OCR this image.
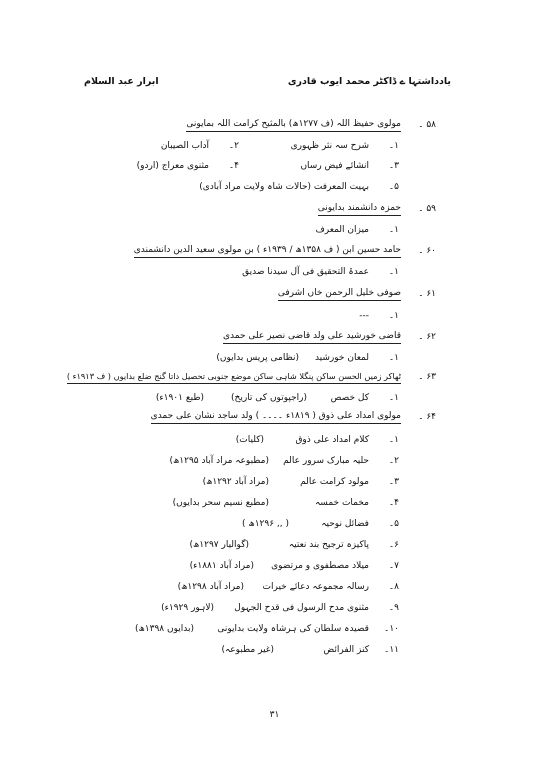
یادداشتہا ے ڈاکٹر محمد ایوب قادری
ابرار عبد السلام
۵۸ ۔
مولوی حفیظ اللہ (ف ۱۲۷۷ھ) بالمثیح کرامت اللہ بمایونی
۱۔
شرح سہ نثر ظہوری
۲۔
آداب الصیبان
۳۔
انشائے فیض رساں
۴۔
مثنوی معراج (اردو)
۵۔
بہیت المعرفت (حالات شاہ ولایت مراد آبادی)
۵۹ ۔
حمزہ دانشمند بدایونی
۱۔
میزان المعرف
۶۰ ۔
حامد حسین ابن ( ف ۱۳۵۸ھ / ۱۹۳۹ء ) بن مولوی سعید الدین دانشمندی
۱۔
عمدۃ التحقیق فی آل سیدنا صدیق
۶۱ ۔
صوفی خلیل الرحمن خاں اشرفی
۱۔
---
۶۲ ۔
قاضی خورشید علی ولد قاضی نصیر علی حمدی
۱۔
لمعان خورشید
(نظامی پریس بدایوں)
۶۳ ۔
ٹھاکر زمیں الحسن ساکن پنگلا شاہی ساکن موضع جنوبی تحصیل داتا گنج ضلع بدایوں ( ف ۱۹۱۳ء )
۱۔
کل خصص
(راجپوتوں کی تاریخ)
(طبع ۱۹۰۱ء)
۶۴ ۔
مولوی امداد علی ذوق ( ۱۸۱۹ء ۔۔۔۔ ) ولد ساجد نشان علی حمدی
۱۔
کلام امداد علی ذوق
(کلیات)
۲۔
حلیہ مبارک سرور عالم
(مطبوعہ مراد آباد ۱۲۹۵ھ)
۳۔
مولود کرامت عالم
(مراد آباد ۱۲۹۲ھ)
۴۔
مخمات خمسہ
(مطبع نسیم سحر بدایوں)
۵۔
فضائل نوحیہ
( ,, ۱۲۹۶ھ )
۶۔
پاکیزہ ترجیح بند نعتیہ
(گوالیار ۱۲۹۷ھ)
۷۔
میلاد مصطفوی و مرتضوی
(مراد آباد ۱۸۸۱ء)
۸۔
رسالہ مجموعہ دعائے خیرات
(مراد آباد ۱۲۹۸ھ)
۹۔
مثنوی مدح الرسول فی قدح الجہول
(لاہور ۱۹۲۹ء)
۱۰۔
قصیدہ سلطان کی ہرشاہ ولایت بدایونی
(بدایوں ۱۳۹۸ھ)
۱۱۔
کنز الفرائض
(غیر مطبوعہ)
۳۱
